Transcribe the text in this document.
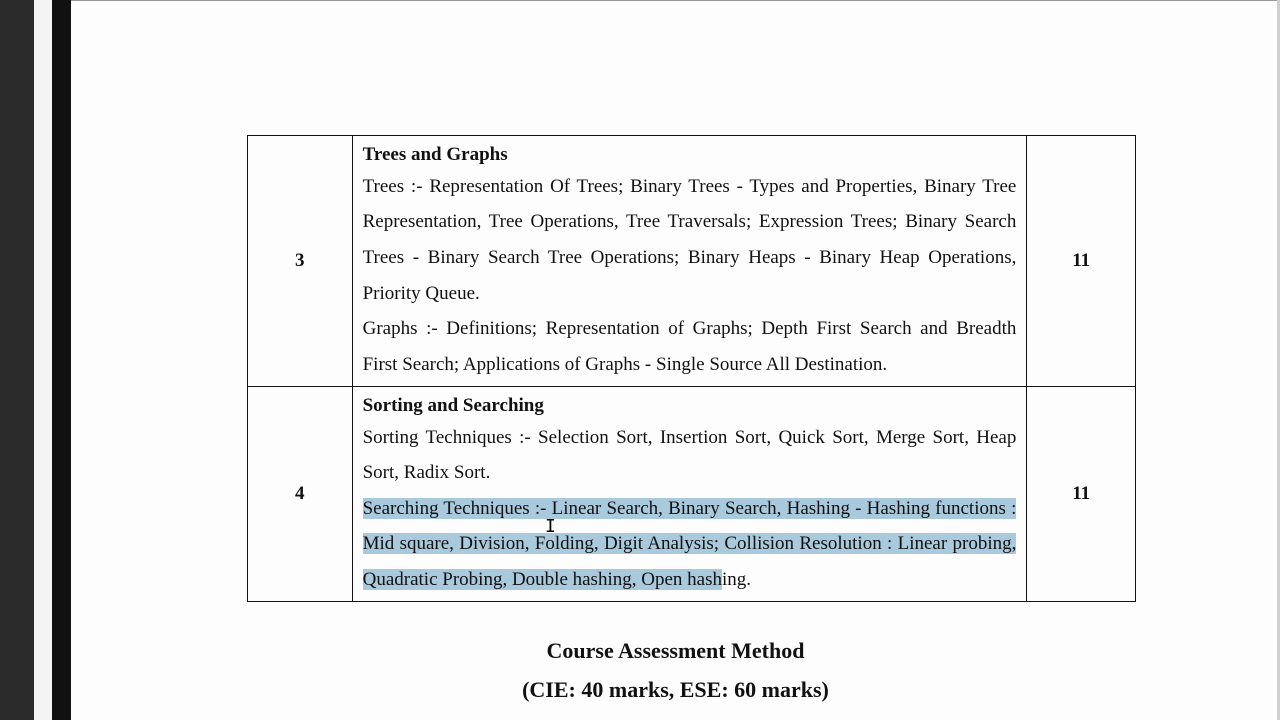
3	Trees and Graphs

Trees :- Representation Of Trees; Binary Trees - Types and Properties, Binary Tree Representation, Tree Operations, Tree Traversals; Expression Trees; Binary Search Trees - Binary Search Tree Operations; Binary Heaps - Binary Heap Operations, Priority Queue.

Graphs :- Definitions; Representation of Graphs; Depth First Search and Breadth First Search; Applications of Graphs - Single Source All Destination.	11
4	Sorting and Searching

Sorting Techniques :- Selection Sort, Insertion Sort, Quick Sort, Merge Sort, Heap Sort, Radix Sort.

Searching Techniques :- Linear Search, Binary Search, Hashing - Hashing functions : Mid square, Division, Folding, Digit Analysis; Collision Resolution : Linear probing, Quadratic Probing, Double hashing, Open hashing.	11
Course Assessment Method
(CIE: 40 marks, ESE: 60 marks)
I
